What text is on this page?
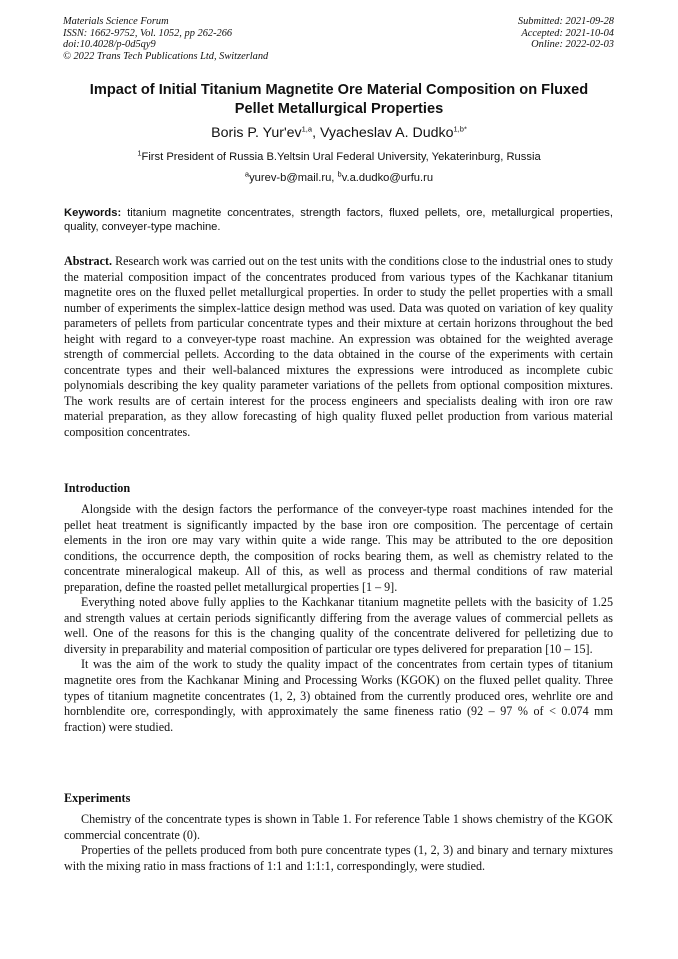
Materials Science Forum
ISSN: 1662-9752, Vol. 1052, pp 262-266
doi:10.4028/p-0d5qy9
© 2022 Trans Tech Publications Ltd, Switzerland
Submitted: 2021-09-28
Accepted: 2021-10-04
Online: 2022-02-03
Impact of Initial Titanium Magnetite Ore Material Composition on Fluxed
Pellet Metallurgical Properties
Boris P. Yur'ev$^{1,a}$, Vyacheslav A. Dudko$^{1,b*}$
$^1$First President of Russia B.Yeltsin Ural Federal University, Yekaterinburg, Russia
$^a$yurev-b@mail.ru, $^b$v.a.dudko@urfu.ru
Keywords: titanium magnetite concentrates, strength factors, fluxed pellets, ore, metallurgical properties, quality, conveyer-type machine.
Abstract. Research work was carried out on the test units with the conditions close to the industrial ones to study the material composition impact of the concentrates produced from various types of the Kachkanar titanium magnetite ores on the fluxed pellet metallurgical properties. In order to study the pellet properties with a small number of experiments the simplex-lattice design method was used. Data was quoted on variation of key quality parameters of pellets from particular concentrate types and their mixture at certain horizons throughout the bed height with regard to a conveyer-type roast machine. An expression was obtained for the weighted average strength of commercial pellets. According to the data obtained in the course of the experiments with certain concentrate types and their well-balanced mixtures the expressions were introduced as incomplete cubic polynomials describing the key quality parameter variations of the pellets from optional composition mixtures. The work results are of certain interest for the process engineers and specialists dealing with iron ore raw material preparation, as they allow forecasting of high quality fluxed pellet production from various material composition concentrates.
Introduction

Alongside with the design factors the performance of the conveyer-type roast machines intended for the pellet heat treatment is significantly impacted by the base iron ore composition. The percentage of certain elements in the iron ore may vary within quite a wide range. This may be attributed to the ore deposition conditions, the occurrence depth, the composition of rocks bearing them, as well as chemistry related to the concentrate mineralogical makeup. All of this, as well as process and thermal conditions of raw material preparation, define the roasted pellet metallurgical properties [1 – 9].

Everything noted above fully applies to the Kachkanar titanium magnetite pellets with the basicity of 1.25 and strength values at certain periods significantly differing from the average values of commercial pellets as well. One of the reasons for this is the changing quality of the concentrate delivered for pelletizing due to diversity in preparability and material composition of particular ore types delivered for preparation [10 – 15].

It was the aim of the work to study the quality impact of the concentrates from certain types of titanium magnetite ores from the Kachkanar Mining and Processing Works (KGOK) on the fluxed pellet quality. Three types of titanium magnetite concentrates (1, 2, 3) obtained from the currently produced ores, wehrlite ore and hornblendite ore, correspondingly, with approximately the same fineness ratio (92 – 97 % of < 0.074 mm fraction) were studied.

Experiments

Chemistry of the concentrate types is shown in Table 1. For reference Table 1 shows chemistry of the KGOK commercial concentrate (0).

Properties of the pellets produced from both pure concentrate types (1, 2, 3) and binary and ternary mixtures with the mixing ratio in mass fractions of 1:1 and 1:1:1, correspondingly, were studied.
